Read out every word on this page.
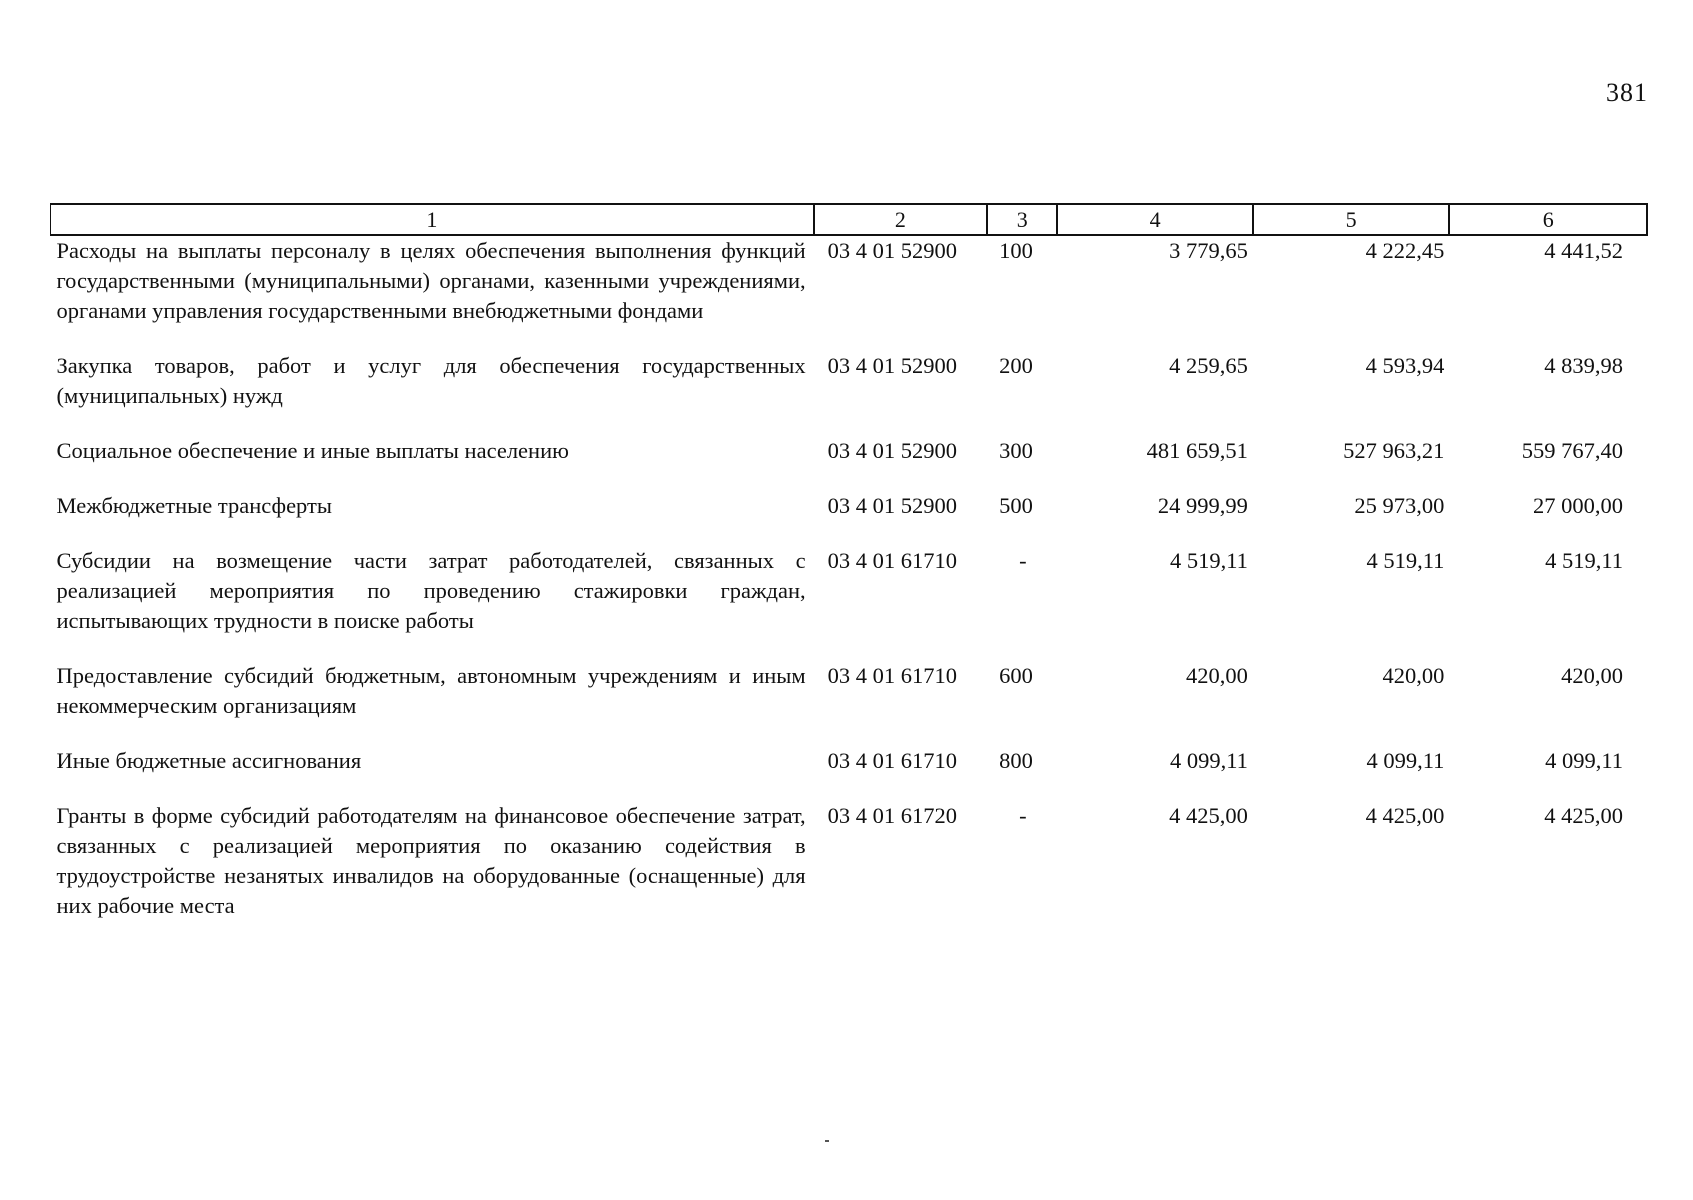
381
1	2	3	4	5	6
Расходы на выплаты персоналу в целях обеспечения выполнения функций государственными (муниципальными) органами, казенными учреждениями, органами управления государственными внебюджетными фондами	03 4 01 52900	100	3 779,65	4 222,45	4 441,52
Закупка товаров, работ и услуг для обеспечения государственных (муниципальных) нужд	03 4 01 52900	200	4 259,65	4 593,94	4 839,98
Социальное обеспечение и иные выплаты населению	03 4 01 52900	300	481 659,51	527 963,21	559 767,40
Межбюджетные трансферты	03 4 01 52900	500	24 999,99	25 973,00	27 000,00
Субсидии на возмещение части затрат работодателей, связанных с реализацией мероприятия по проведению стажировки граждан, испытывающих трудности в поиске работы	03 4 01 61710	-	4 519,11	4 519,11	4 519,11
Предоставление субсидий бюджетным, автономным учреждениям и иным некоммерческим организациям	03 4 01 61710	600	420,00	420,00	420,00
Иные бюджетные ассигнования	03 4 01 61710	800	4 099,11	4 099,11	4 099,11
Гранты в форме субсидий работодателям на финансовое обеспечение затрат, связанных с реализацией мероприятия по оказанию содействия в трудоустройстве незанятых инвалидов на оборудованные (оснащенные) для них рабочие места	03 4 01 61720	-	4 425,00	4 425,00	4 425,00
